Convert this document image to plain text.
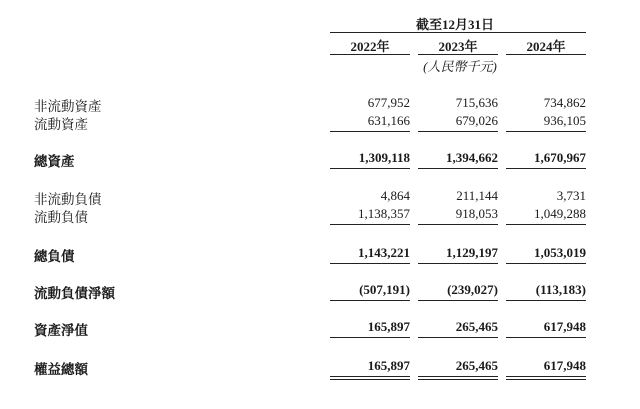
截至12月31日
2022年	2023年	2024年
(人民幣千元)
非流動資產	677,952	715,636	734,862
流動資產	631,166	679,026	936,105
總資產	1,309,118	1,394,662	1,670,967
非流動負債	4,864	211,144	3,731
流動負債	1,138,357	918,053	1,049,288
總負債	1,143,221	1,129,197	1,053,019
流動負債淨額	(507,191)	(239,027)	(113,183)
資產淨值	165,897	265,465	617,948
權益總額	165,897	265,465	617,948
